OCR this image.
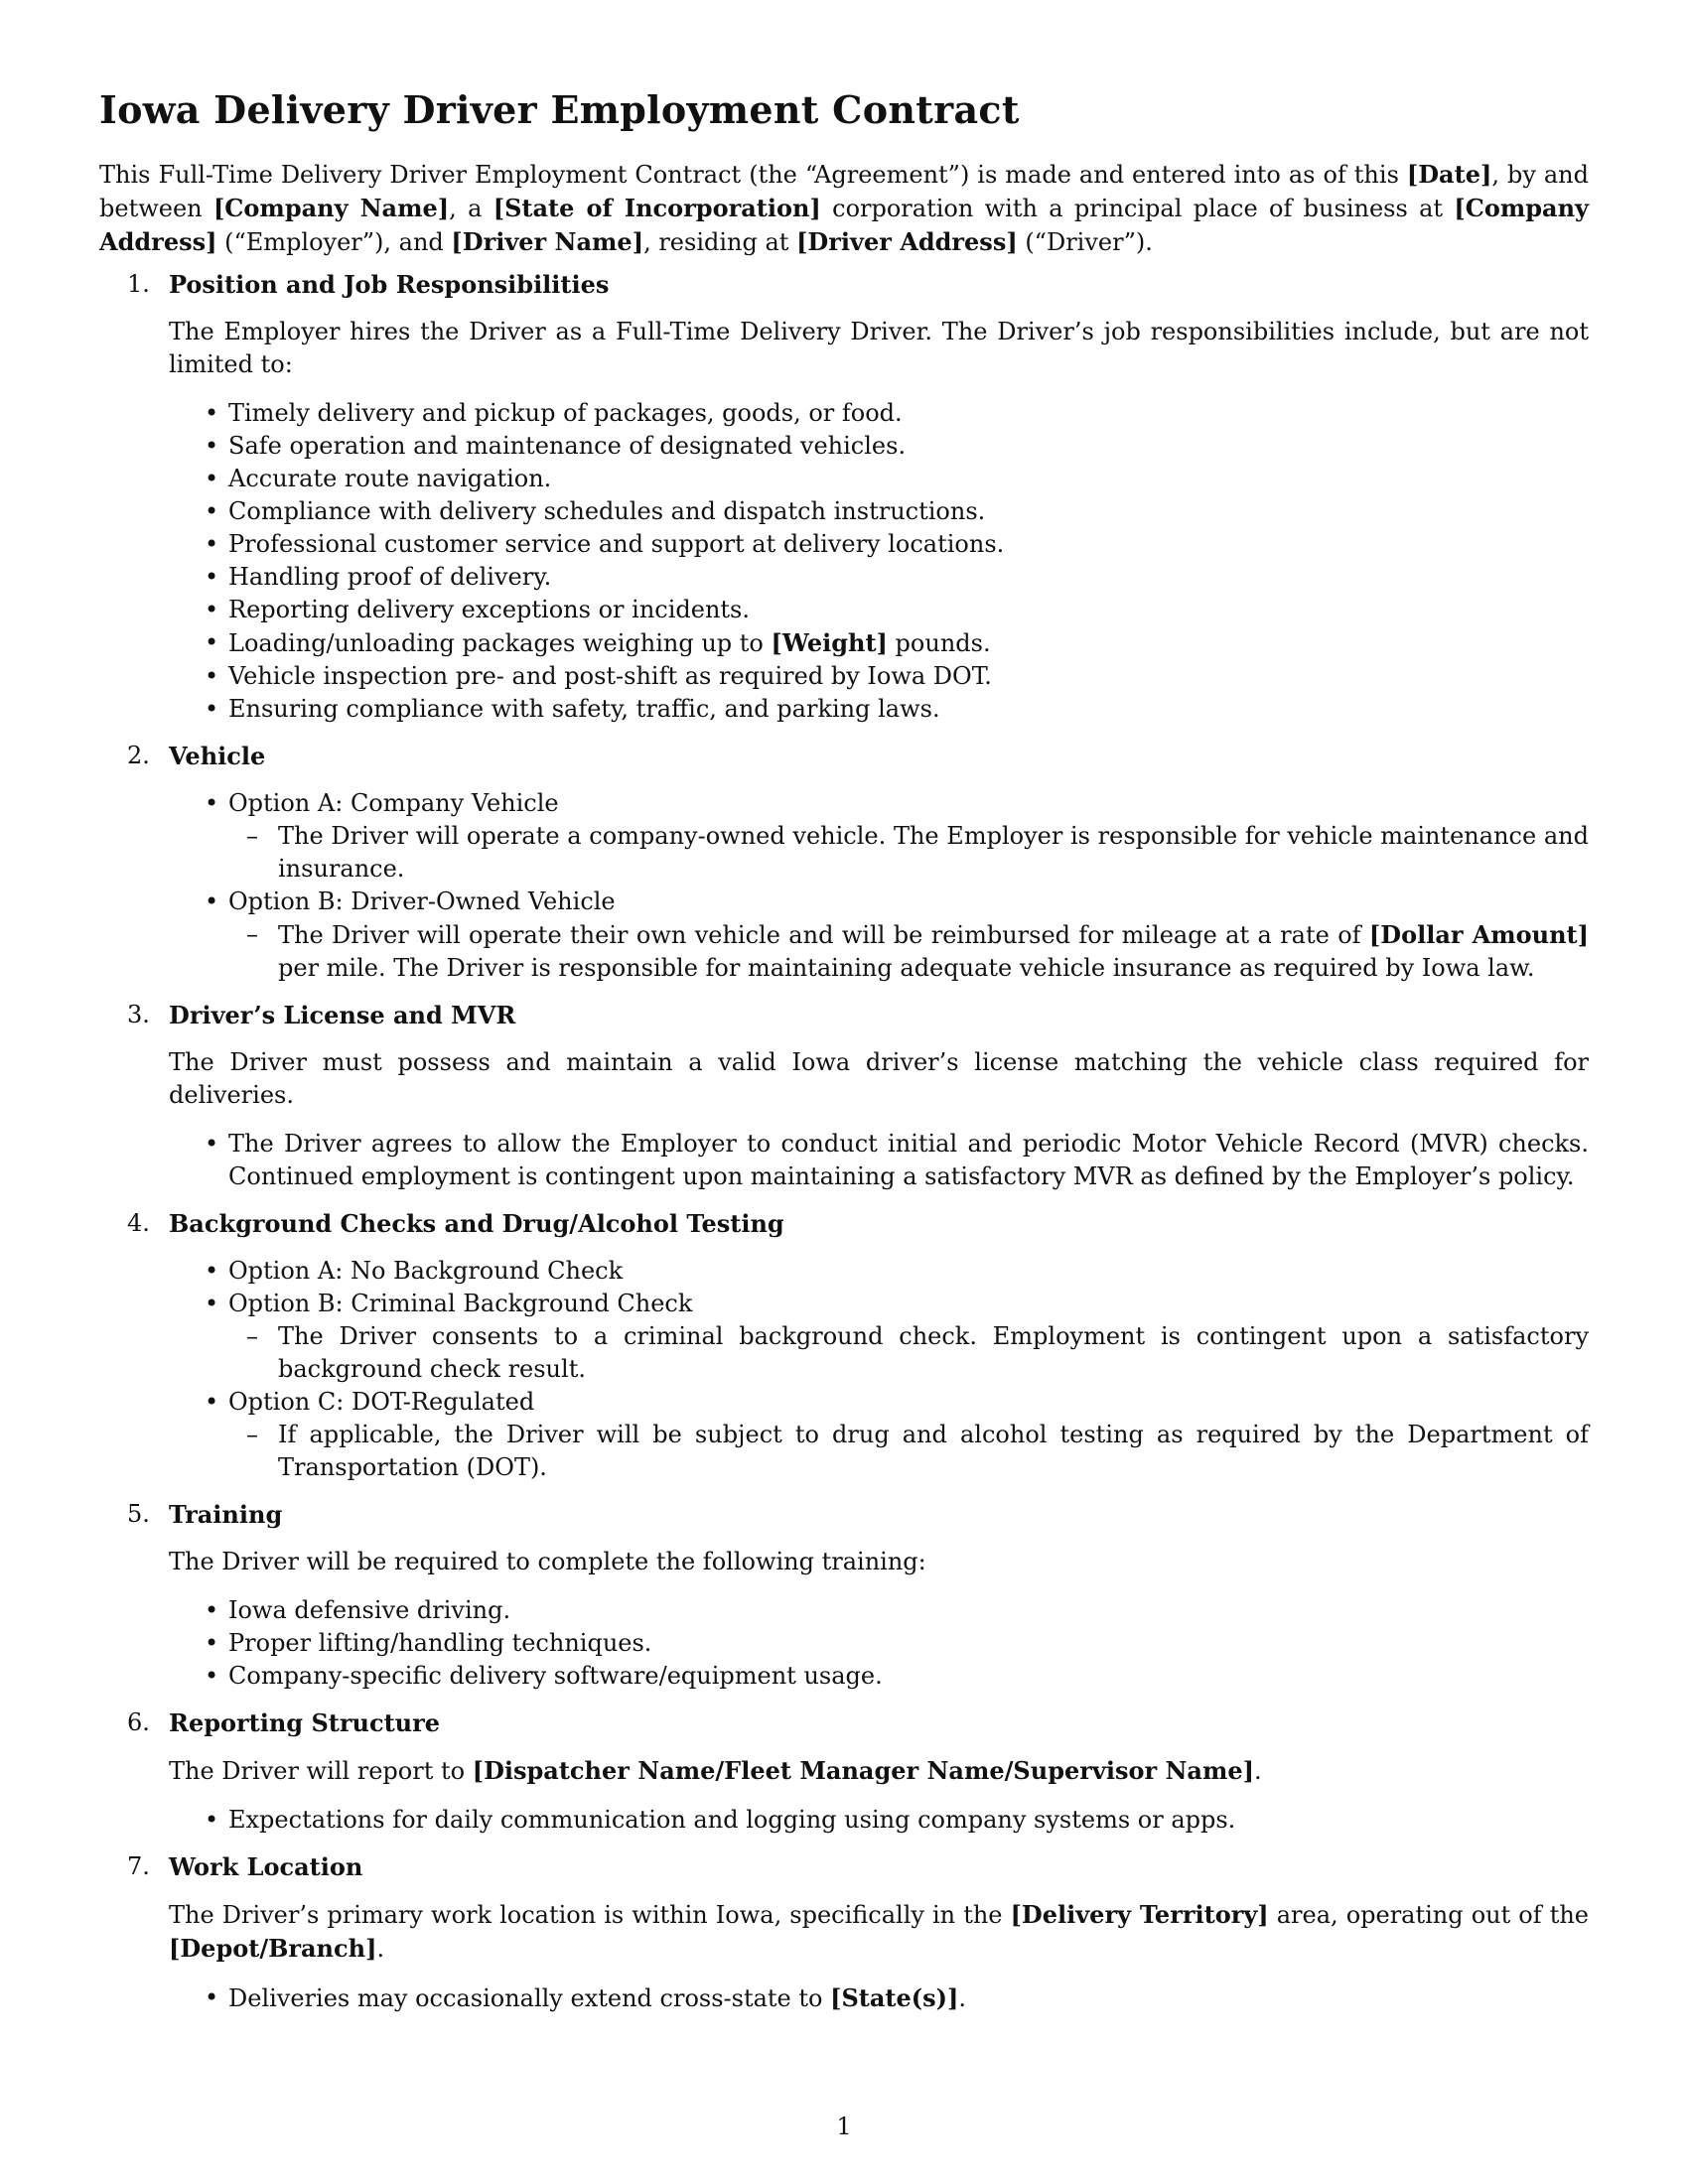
Iowa Delivery Driver Employment Contract

This Full-Time Delivery Driver Employment Contract (the “Agreement”) is made and entered into as of this [Date], by and between [Company Name], a [State of Incorporation] corporation with a principal place of business at [Company Address] (“Employer”), and [Driver Name], residing at [Driver Address] (“Driver”).

1. Position and Job Responsibilities

The Employer hires the Driver as a Full-Time Delivery Driver. The Driver’s job responsibilities include, but are not limited to:

• Timely delivery and pickup of packages, goods, or food.
• Safe operation and maintenance of designated vehicles.
• Accurate route navigation.
• Compliance with delivery schedules and dispatch instructions.
• Professional customer service and support at delivery locations.
• Handling proof of delivery.
• Reporting delivery exceptions or incidents.
• Loading/unloading packages weighing up to [Weight] pounds.
• Vehicle inspection pre- and post-shift as required by Iowa DOT.
• Ensuring compliance with safety, traffic, and parking laws.
2. Vehicle
• Option A: Company Vehicle
– The Driver will operate a company-owned vehicle. The Employer is responsible for vehicle maintenance and insurance.
• Option B: Driver-Owned Vehicle
– The Driver will operate their own vehicle and will be reimbursed for mileage at a rate of [Dollar Amount] per mile. The Driver is responsible for maintaining adequate vehicle insurance as required by Iowa law.
3. Driver’s License and MVR

The Driver must possess and maintain a valid Iowa driver’s license matching the vehicle class required for deliveries.

• The Driver agrees to allow the Employer to conduct initial and periodic Motor Vehicle Record (MVR) checks. Continued employment is contingent upon maintaining a satisfactory MVR as defined by the Employer’s policy.
4. Background Checks and Drug/Alcohol Testing
• Option A: No Background Check
• Option B: Criminal Background Check
– The Driver consents to a criminal background check. Employment is contingent upon a satisfactory background check result.
• Option C: DOT-Regulated
– If applicable, the Driver will be subject to drug and alcohol testing as required by the Department of Transportation (DOT).
5. Training

The Driver will be required to complete the following training:

• Iowa defensive driving.
• Proper lifting/handling techniques.
• Company-specific delivery software/equipment usage.
6. Reporting Structure

The Driver will report to [Dispatcher Name/Fleet Manager Name/Supervisor Name].

• Expectations for daily communication and logging using company systems or apps.
7. Work Location

The Driver’s primary work location is within Iowa, specifically in the [Delivery Territory] area, operating out of the [Depot/Branch].

• Deliveries may occasionally extend cross-state to [State(s)].
1
